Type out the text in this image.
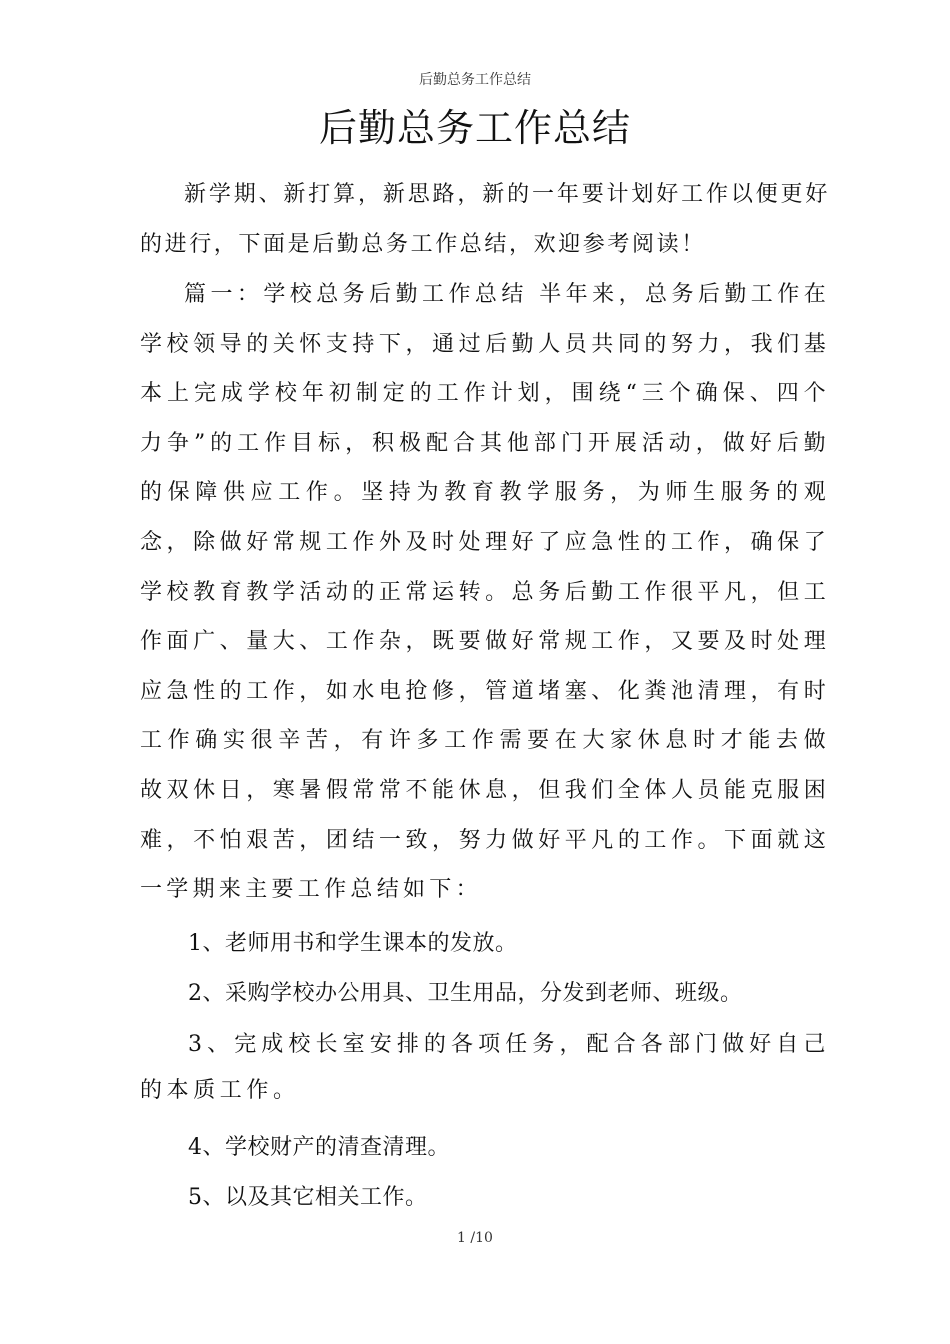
后勤总务工作总结
后勤总务工作总结

新学期、新打算，新思路，新的一年要计划好工作以便更好的进行，下面是后勤总务工作总结，欢迎参考阅读！

篇一：学校总务后勤工作总结 半年来，总务后勤工作在学校领导的关怀支持下，通过后勤人员共同的努力，我们基本上完成学校年初制定的工作计划，围绕“三个确保、四个力争”的工作目标，积极配合其他部门开展活动，做好后勤的保障供应工作。坚持为教育教学服务，为师生服务的观念，除做好常规工作外及时处理好了应急性的工作，确保了学校教育教学活动的正常运转。总务后勤工作很平凡，但工作面广、量大、工作杂，既要做好常规工作，又要及时处理应急性的工作，如水电抢修，管道堵塞、化粪池清理，有时工作确实很辛苦，有许多工作需要在大家休息时才能去做 故双休日，寒暑假常常不能休息，但我们全体人员能克服困难，不怕艰苦，团结一致，努力做好平凡的工作。下面就这一学期来主要工作总结如下：

1、老师用书和学生课本的发放。

2、采购学校办公用具、卫生用品，分发到老师、班级。

3、完成校长室安排的各项任务，配合各部门做好自己的本质工作。

4、学校财产的清查清理。

5、以及其它相关工作。

1 /10
